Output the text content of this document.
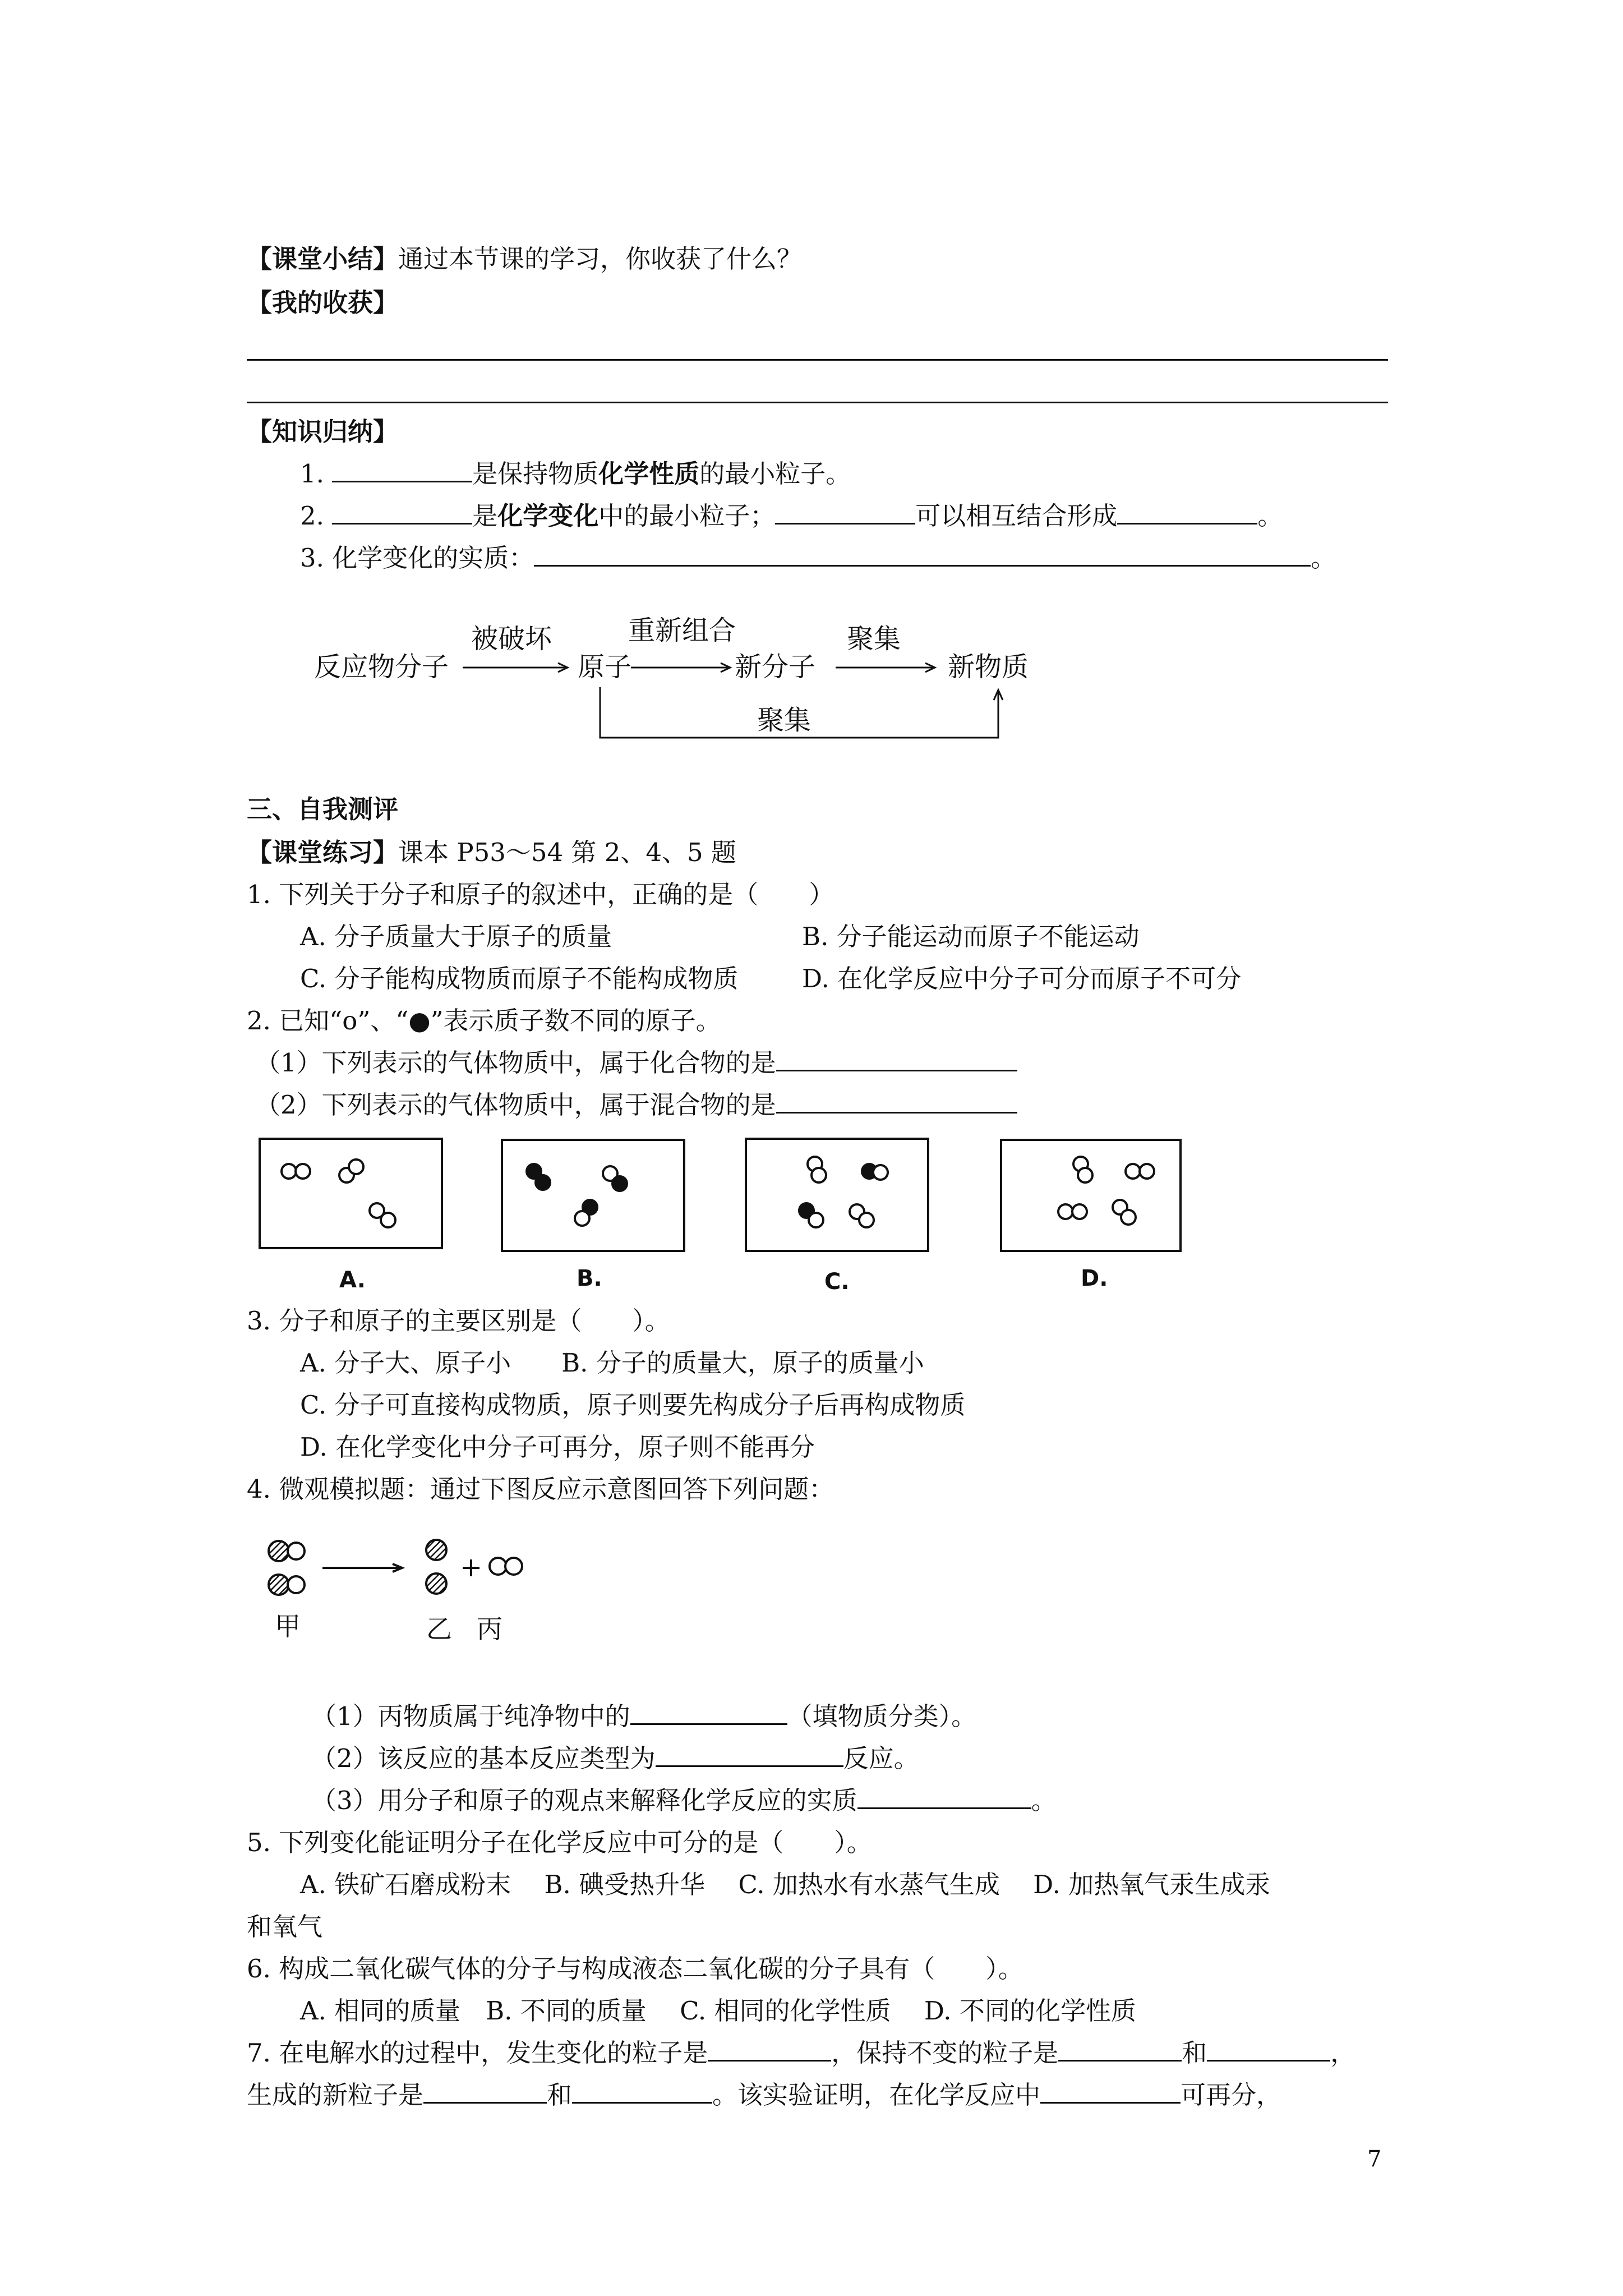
【课堂小结】通过本节课的学习，你收获了什么？
【我的收获】
【知识归纳】
1.	是保持物质化学性质的最小粒子。
2.	是化学变化中的最小粒子；	可以相互结合形成	。
3. 化学变化的实质：	。
反应物分子
被破坏
原子
重新组合
新分子
聚集
新物质
聚集
三、自我测评
【课堂练习】课本 P53～54 第 2、4、5 题
1. 下列关于分子和原子的叙述中，正确的是（　　）
A. 分子质量大于原子的质量	B. 分子能运动而原子不能运动
C. 分子能构成物质而原子不能构成物质	D. 在化学反应中分子可分而原子不可分
2. 已知“o”、“●”表示质子数不同的原子。
（1）下列表示的气体物质中，属于化合物的是
（2）下列表示的气体物质中，属于混合物的是
A.	B.	C.	D.
3. 分子和原子的主要区别是（　　）。
A. 分子大、原子小　　B. 分子的质量大，原子的质量小
C. 分子可直接构成物质，原子则要先构成分子后再构成物质
D. 在化学变化中分子可再分，原子则不能再分
4. 微观模拟题：通过下图反应示意图回答下列问题：
甲	乙 丙
（1）丙物质属于纯净物中的	（填物质分类）。
（2）该反应的基本反应类型为	反应。
（3）用分子和原子的观点来解释化学反应的实质	。
5. 下列变化能证明分子在化学反应中可分的是（　　）。
A. 铁矿石磨成粉末　 B. 碘受热升华　 C. 加热水有水蒸气生成　 D. 加热氧气汞生成汞
和氧气
6. 构成二氧化碳气体的分子与构成液态二氧化碳的分子具有（　　）。
A. 相同的质量　B. 不同的质量　 C. 相同的化学性质　 D. 不同的化学性质
7. 在电解水的过程中，发生变化的粒子是	，保持不变的粒子是	和	，
生成的新粒子是	和	。该实验证明，在化学反应中	可再分，
7
